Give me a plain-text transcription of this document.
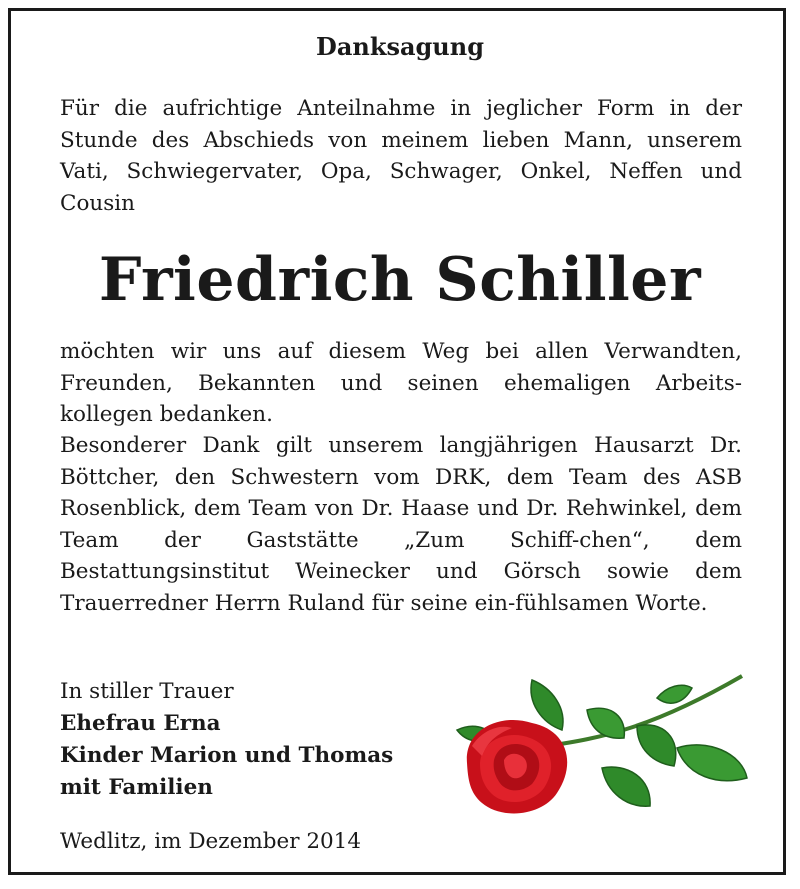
Danksagung
Für die aufrichtige Anteilnahme in jeglicher Form in der Stunde des Abschieds von meinem lieben Mann, unserem Vati, Schwiegervater, Opa, Schwager, Onkel, Neffen und Cousin
Friedrich Schiller
möchten wir uns auf diesem Weg bei allen Verwandten, Freunden, Bekannten und seinen ehemaligen Arbeits-kollegen bedanken.
Besonderer Dank gilt unserem langjährigen Hausarzt Dr. Böttcher, den Schwestern vom DRK, dem Team des ASB Rosenblick, dem Team von Dr. Haase und Dr. Rehwinkel, dem Team der Gaststätte „Zum Schiff-chen“, dem Bestattungsinstitut Weinecker und Görsch sowie dem Trauerredner Herrn Ruland für seine ein-fühlsamen Worte.
In stiller Trauer
Ehefrau Erna
Kinder Marion und Thomas
mit Familien
Wedlitz, im Dezember 2014
